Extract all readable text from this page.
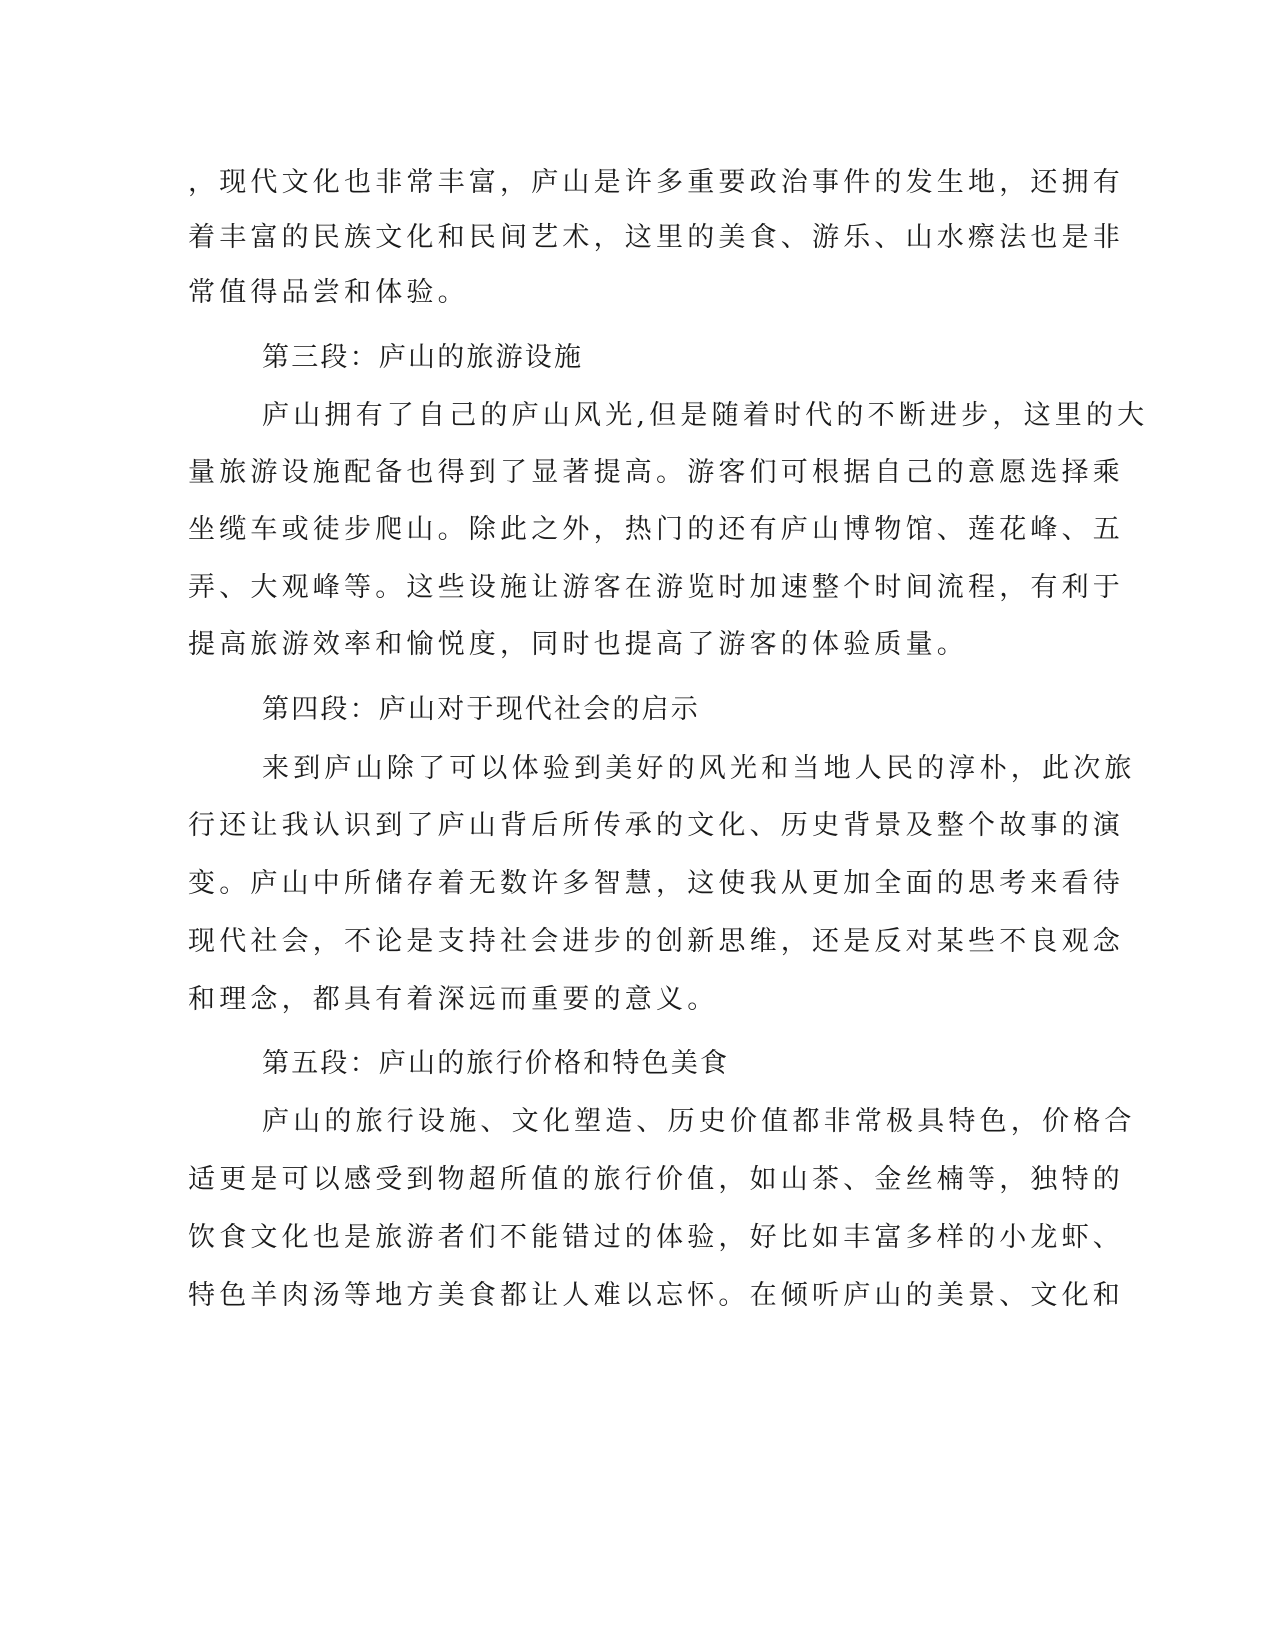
，现代文化也非常丰富，庐山是许多重要政治事件的发生地，还拥有
着丰富的民族文化和民间艺术，这里的美食、游乐、山水瘵法也是非
常值得品尝和体验。
第三段：庐山的旅游设施
庐山拥有了自己的庐山风光,但是随着时代的不断进步，这里的大
量旅游设施配备也得到了显著提高。游客们可根据自己的意愿选择乘
坐缆车或徒步爬山。除此之外，热门的还有庐山博物馆、莲花峰、五
弄、大观峰等。这些设施让游客在游览时加速整个时间流程，有利于
提高旅游效率和愉悦度，同时也提高了游客的体验质量。
第四段：庐山对于现代社会的启示
来到庐山除了可以体验到美好的风光和当地人民的淳朴，此次旅
行还让我认识到了庐山背后所传承的文化、历史背景及整个故事的演
变。庐山中所储存着无数许多智慧，这使我从更加全面的思考来看待
现代社会，不论是支持社会进步的创新思维，还是反对某些不良观念
和理念，都具有着深远而重要的意义。
第五段：庐山的旅行价格和特色美食
庐山的旅行设施、文化塑造、历史价值都非常极具特色，价格合
适更是可以感受到物超所值的旅行价值，如山茶、金丝楠等，独特的
饮食文化也是旅游者们不能错过的体验，好比如丰富多样的小龙虾、
特色羊肉汤等地方美食都让人难以忘怀。在倾听庐山的美景、文化和
